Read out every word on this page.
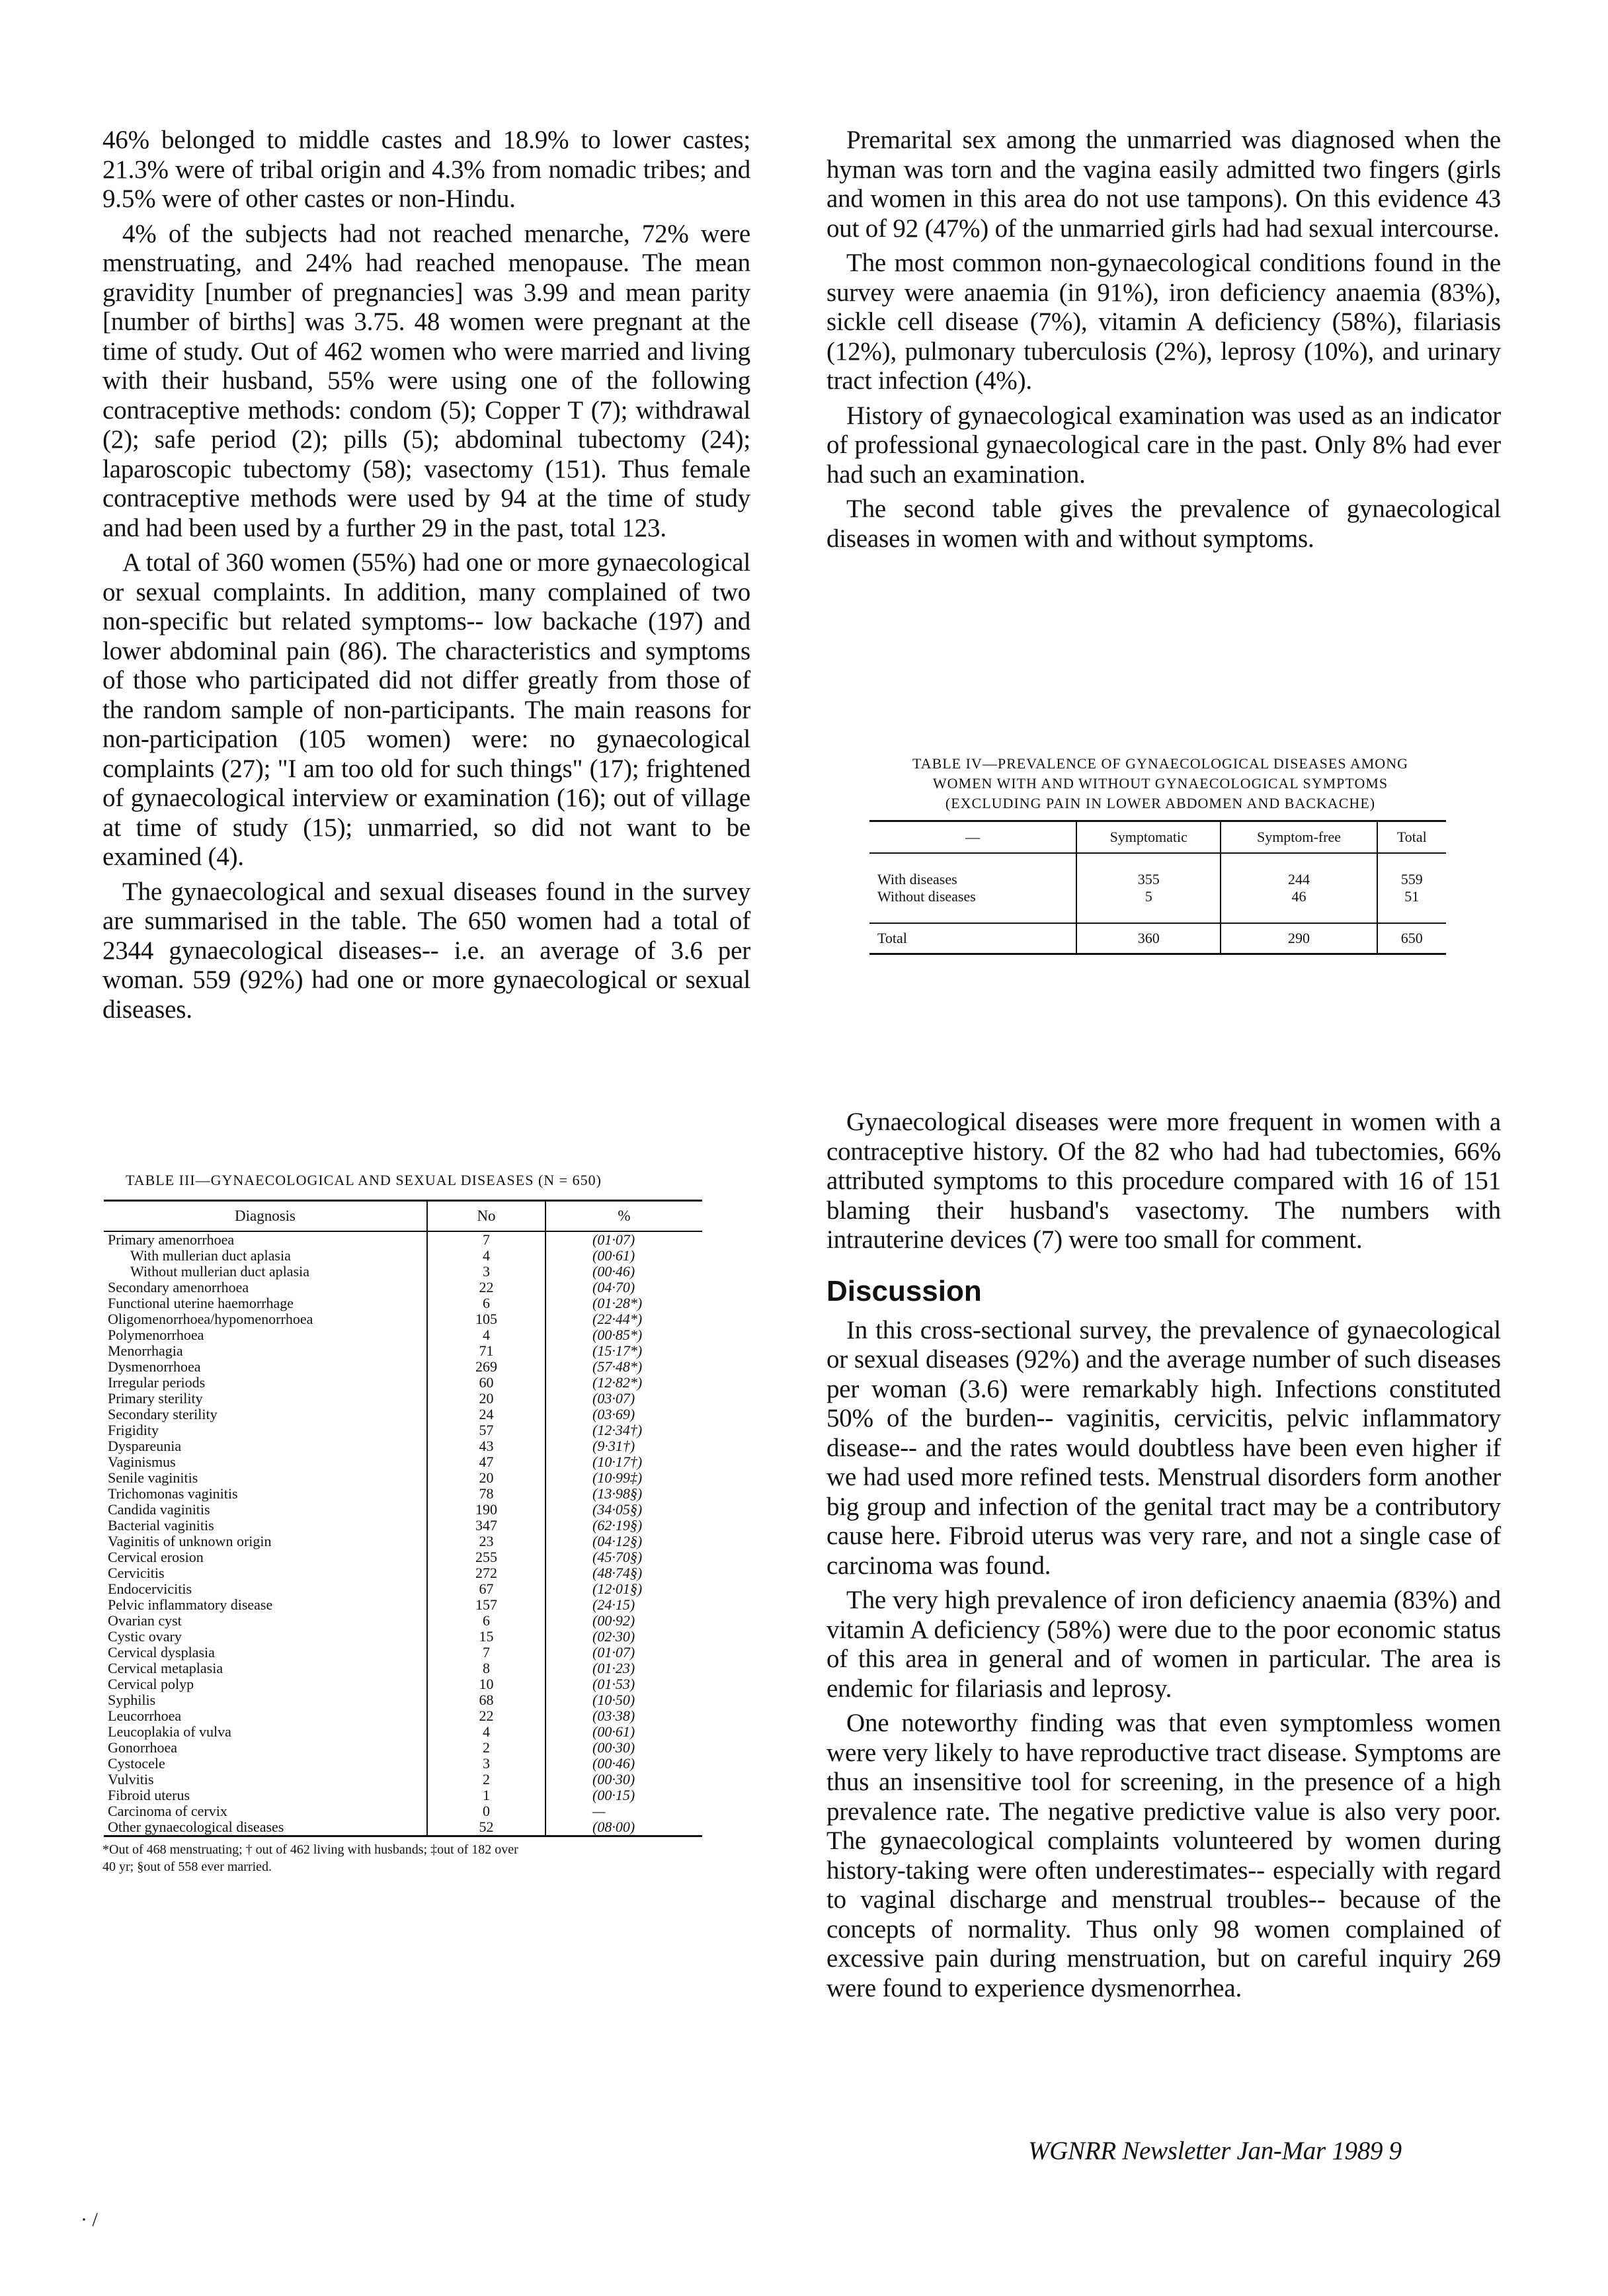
46% belonged to middle castes and 18.9% to lower castes; 21.3% were of tribal origin and 4.3% from nomadic tribes; and 9.5% were of other castes or non-Hindu.

4% of the subjects had not reached menarche, 72% were menstruating, and 24% had reached menopause. The mean gravidity [number of pregnancies] was 3.99 and mean parity [number of births] was 3.75. 48 women were pregnant at the time of study. Out of 462 women who were married and living with their husband, 55% were using one of the following contraceptive methods: condom (5); Copper T (7); withdrawal (2); safe period (2); pills (5); abdominal tubectomy (24); laparoscopic tubectomy (58); vasectomy (151). Thus female contraceptive methods were used by 94 at the time of study and had been used by a further 29 in the past, total 123.

A total of 360 women (55%) had one or more gynaecological or sexual complaints. In addition, many complained of two non-specific but related symptoms-- low backache (197) and lower abdominal pain (86). The characteristics and symptoms of those who participated did not differ greatly from those of the random sample of non-participants. The main reasons for non-participation (105 women) were: no gynaecological complaints (27); "I am too old for such things" (17); frightened of gynaecological interview or examination (16); out of village at time of study (15); unmarried, so did not want to be examined (4).

The gynaecological and sexual diseases found in the survey are summarised in the table. The 650 women had a total of 2344 gynaecological diseases-- i.e. an average of 3.6 per woman. 559 (92%) had one or more gynaecological or sexual diseases.

TABLE III—GYNAECOLOGICAL AND SEXUAL DISEASES (N = 650)
Diagnosis	No	%
Primary amenorrhoea	7	(01·07)
With mullerian duct aplasia	4	(00·61)
Without mullerian duct aplasia	3	(00·46)
Secondary amenorrhoea	22	(04·70)
Functional uterine haemorrhage	6	(01·28*)
Oligomenorrhoea/hypomenorrhoea	105	(22·44*)
Polymenorrhoea	4	(00·85*)
Menorrhagia	71	(15·17*)
Dysmenorrhoea	269	(57·48*)
Irregular periods	60	(12·82*)
Primary sterility	20	(03·07)
Secondary sterility	24	(03·69)
Frigidity	57	(12·34†)
Dyspareunia	43	(9·31†)
Vaginismus	47	(10·17†)
Senile vaginitis	20	(10·99‡)
Trichomonas vaginitis	78	(13·98§)
Candida vaginitis	190	(34·05§)
Bacterial vaginitis	347	(62·19§)
Vaginitis of unknown origin	23	(04·12§)
Cervical erosion	255	(45·70§)
Cervicitis	272	(48·74§)
Endocervicitis	67	(12·01§)
Pelvic inflammatory disease	157	(24·15)
Ovarian cyst	6	(00·92)
Cystic ovary	15	(02·30)
Cervical dysplasia	7	(01·07)
Cervical metaplasia	8	(01·23)
Cervical polyp	10	(01·53)
Syphilis	68	(10·50)
Leucorrhoea	22	(03·38)
Leucoplakia of vulva	4	(00·61)
Gonorrhoea	2	(00·30)
Cystocele	3	(00·46)
Vulvitis	2	(00·30)
Fibroid uterus	1	(00·15)
Carcinoma of cervix	0	—
Other gynaecological diseases	52	(08·00)
*Out of 468 menstruating; † out of 462 living with husbands; ‡out of 182 over
40 yr; §out of 558 ever married.

Premarital sex among the unmarried was diagnosed when the hyman was torn and the vagina easily admitted two fingers (girls and women in this area do not use tampons). On this evidence 43 out of 92 (47%) of the unmarried girls had had sexual intercourse.

The most common non-gynaecological conditions found in the survey were anaemia (in 91%), iron deficiency anaemia (83%), sickle cell disease (7%), vitamin A deficiency (58%), filariasis (12%), pulmonary tuberculosis (2%), leprosy (10%), and urinary tract infection (4%).

History of gynaecological examination was used as an indicator of professional gynaecological care in the past. Only 8% had ever had such an examination.

The second table gives the prevalence of gynaecological diseases in women with and without symptoms.

TABLE IV—PREVALENCE OF GYNAECOLOGICAL DISEASES AMONG
WOMEN WITH AND WITHOUT GYNAECOLOGICAL SYMPTOMS
(EXCLUDING PAIN IN LOWER ABDOMEN AND BACKACHE)
—	Symptomatic	Symptom-free	Total

With diseases	355	244	559
Without diseases	5	46	51

Total	360	290	650

Gynaecological diseases were more frequent in women with a contraceptive history. Of the 82 who had had tubectomies, 66% attributed symptoms to this procedure compared with 16 of 151 blaming their husband's vasectomy. The numbers with intrauterine devices (7) were too small for comment.

Discussion

In this cross-sectional survey, the prevalence of gynaecological or sexual diseases (92%) and the average number of such diseases per woman (3.6) were remarkably high. Infections constituted 50% of the burden-- vaginitis, cervicitis, pelvic inflammatory disease-- and the rates would doubtless have been even higher if we had used more refined tests. Menstrual disorders form another big group and infection of the genital tract may be a contributory cause here. Fibroid uterus was very rare, and not a single case of carcinoma was found.

The very high prevalence of iron deficiency anaemia (83%) and vitamin A deficiency (58%) were due to the poor economic status of this area in general and of women in particular. The area is endemic for filariasis and leprosy.

One noteworthy finding was that even symptomless women were very likely to have reproductive tract disease. Symptoms are thus an insensitive tool for screening, in the presence of a high prevalence rate. The negative predictive value is also very poor. The gynaecological complaints volunteered by women during history-taking were often underestimates-- especially with regard to vaginal discharge and menstrual troubles-- because of the concepts of normality. Thus only 98 women complained of excessive pain during menstruation, but on careful inquiry 269 were found to experience dysmenorrhea.

WGNRR Newsletter Jan-Mar 1989 9
· /
